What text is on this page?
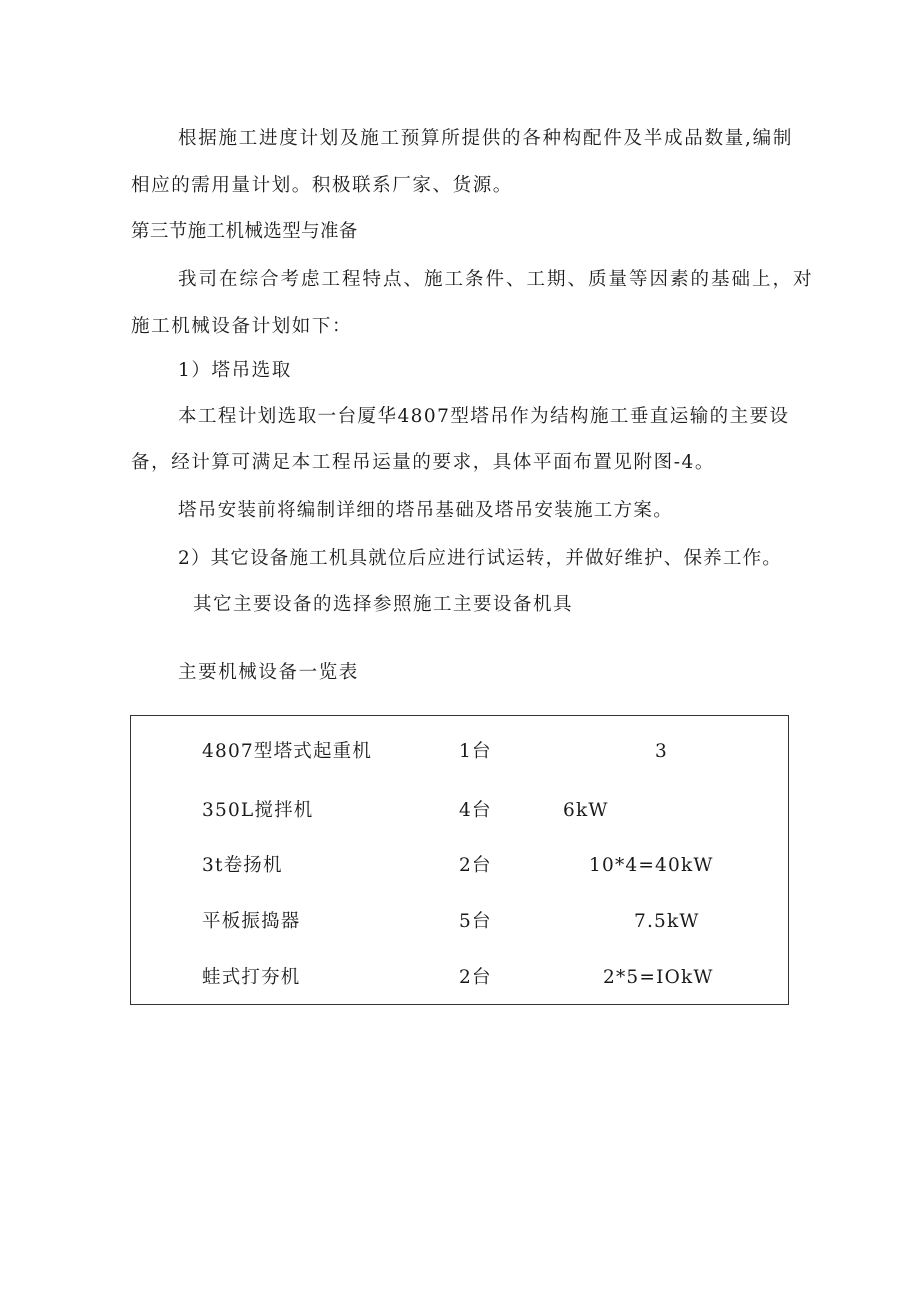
根据施工进度计划及施工预算所提供的各种构配件及半成品数量,编制
相应的需用量计划。积极联系厂家、货源。
第三节施工机械选型与准备
我司在综合考虑工程特点、施工条件、工期、质量等因素的基础上，对
施工机械设备计划如下：
1）塔吊选取
本工程计划选取一台厦华4807型塔吊作为结构施工垂直运输的主要设
备，经计算可满足本工程吊运量的要求，具体平面布置见附图-4。
塔吊安装前将编制详细的塔吊基础及塔吊安装施工方案。
2）其它设备施工机具就位后应进行试运转，并做好维护、保养工作。
其它主要设备的选择参照施工主要设备机具
主要机械设备一览表
4807型塔式起重机	1台	3
350L搅拌机	4台	6kW
3t卷扬机	2台	10*4=40kW
平板振捣器	5台	7.5kW
蛙式打夯机	2台	2*5=IOkW
